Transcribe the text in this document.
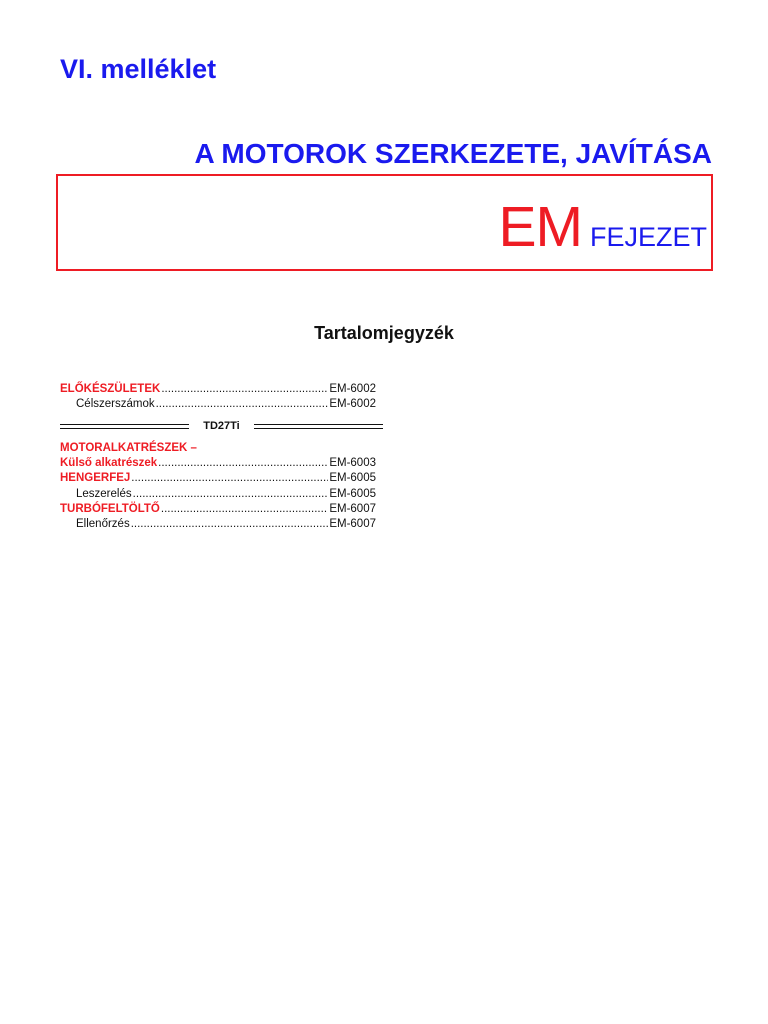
VI. melléklet
A MOTOROK SZERKEZETE, JAVÍTÁSA
EM FEJEZET
Tartalomjegyzék
ELŐKÉSZÜLETEK .....	EM-6002
Célszerszámok .....	EM-6002
TD27Ti
MOTORALKATRÉSZEK –
Külső alkatrészek .....	EM-6003
HENGERFEJ .....	EM-6005
Leszerelés .....	EM-6005
TURBÓFELTÖLTŐ .....	EM-6007
Ellenőrzés .....	EM-6007
